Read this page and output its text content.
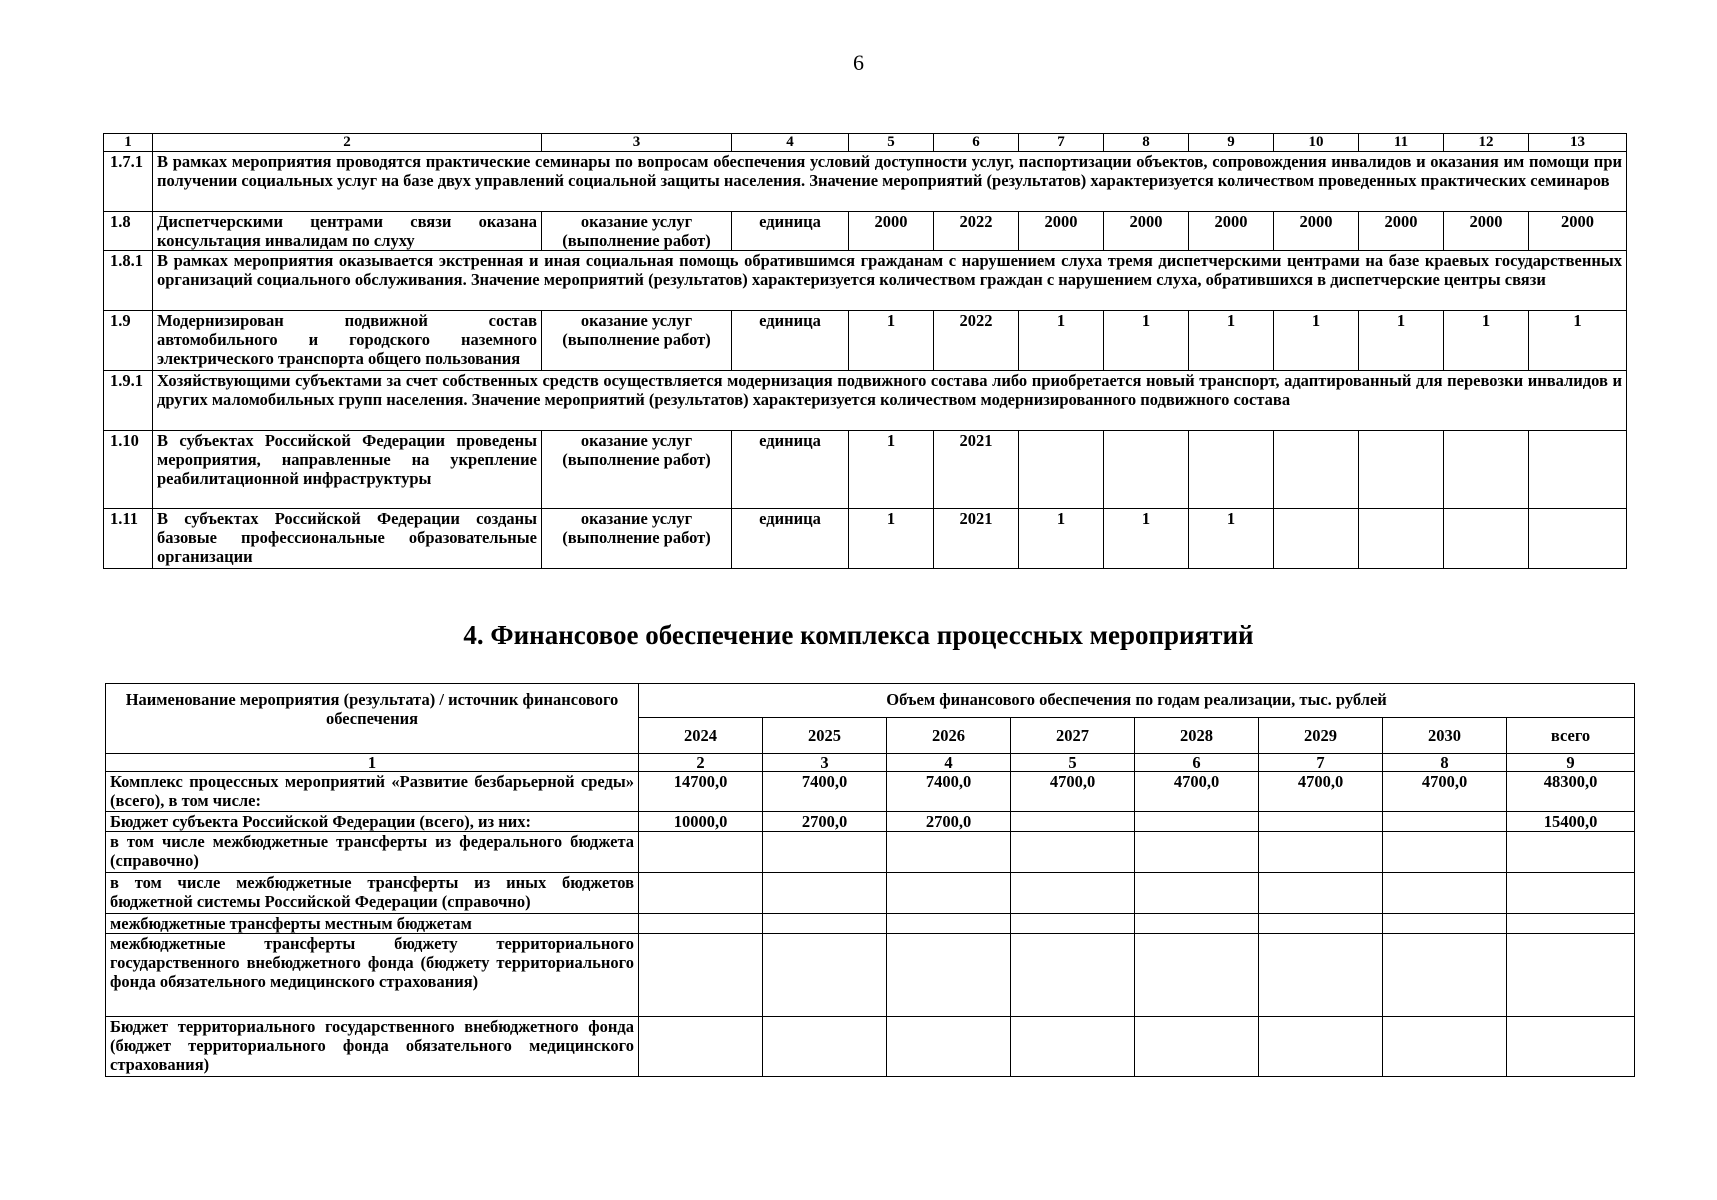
6
1	2	3	4	5	6	7	8	9	10	11	12	13
1.7.1	В рамках мероприятия проводятся практические семинары по вопросам обеспечения условий доступности услуг, паспортизации объектов, сопровождения инвалидов и оказания им помощи при получении социальных услуг на базе двух управлений социальной защиты населения. Значение мероприятий (результатов) характеризуется количеством проведенных практических семинаров											
1.8	Диспетчерскими центрами связи оказана консультация инвалидам по слуху	оказание услуг (выполнение работ)	единица	2000	2022	2000	2000	2000	2000	2000	2000	2000
1.8.1	В рамках мероприятия оказывается экстренная и иная социальная помощь обратившимся гражданам с нарушением слуха тремя диспетчерскими центрами на базе краевых государственных организаций социального обслуживания. Значение мероприятий (результатов) характеризуется количеством граждан с нарушением слуха, обратившихся в диспетчерские центры связи											
1.9	Модернизирован подвижной состав автомобильного и городского наземного электрического транспорта общего пользования	оказание услуг (выполнение работ)	единица	1	2022	1	1	1	1	1	1	1
1.9.1	Хозяйствующими субъектами за счет собственных средств осуществляется модернизация подвижного состава либо приобретается новый транспорт, адаптированный для перевозки инвалидов и других маломобильных групп населения. Значение мероприятий (результатов) характеризуется количеством модернизированного подвижного состава											
1.10	В субъектах Российской Федерации проведены мероприятия, направленные на укрепление реабилитационной инфраструктуры	оказание услуг (выполнение работ)	единица	1	2021							
1.11	В субъектах Российской Федерации созданы базовые профессиональные образовательные организации	оказание услуг (выполнение работ)	единица	1	2021	1	1	1				
4. Финансовое обеспечение комплекса процессных мероприятий
Наименование мероприятия (результата) / источник финансового обеспечения	Объем финансового обеспечения по годам реализации, тыс. рублей							
	2024	2025	2026	2027	2028	2029	2030	всего
1	2	3	4	5	6	7	8	9
Комплекс процессных мероприятий «Развитие безбарьерной среды» (всего), в том числе:	14700,0	7400,0	7400,0	4700,0	4700,0	4700,0	4700,0	48300,0
Бюджет субъекта Российской Федерации (всего), из них:	10000,0	2700,0	2700,0					15400,0
в том числе межбюджетные трансферты из федерального бюджета (справочно)								
в том числе межбюджетные трансферты из иных бюджетов бюджетной системы Российской Федерации (справочно)								
межбюджетные трансферты местным бюджетам								
межбюджетные трансферты бюджету территориального государственного внебюджетного фонда (бюджету территориального фонда обязательного медицинского страхования)								
Бюджет территориального государственного внебюджетного фонда (бюджет территориального фонда обязательного медицинского страхования)								
